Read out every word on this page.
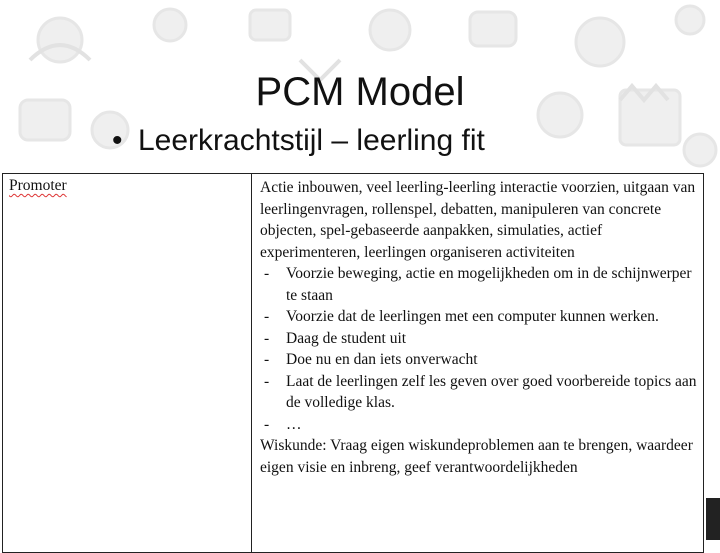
PCM Model
• Leerkrachtstijl – leerling fit
Promoter	Actie inbouwen, veel leerling-leerling interactie voorzien, uitgaan van leerlingenvragen, rollenspel, debatten, manipuleren van concrete objecten, spel-gebaseerde aanpakken, simulaties, actief experimenteren, leerlingen organiseren activiteiten

- Voorzie beweging, actie en mogelijkheden om in de schijnwerper te staan
- Voorzie dat de leerlingen met een computer kunnen werken.
- Daag de student uit
- Doe nu en dan iets onverwacht
- Laat de leerlingen zelf les geven over goed voorbereide topics aan de volledige klas.
- …

Wiskunde: Vraag eigen wiskundeproblemen aan te brengen, waardeer eigen visie en inbreng, geef verantwoordelijkheden
